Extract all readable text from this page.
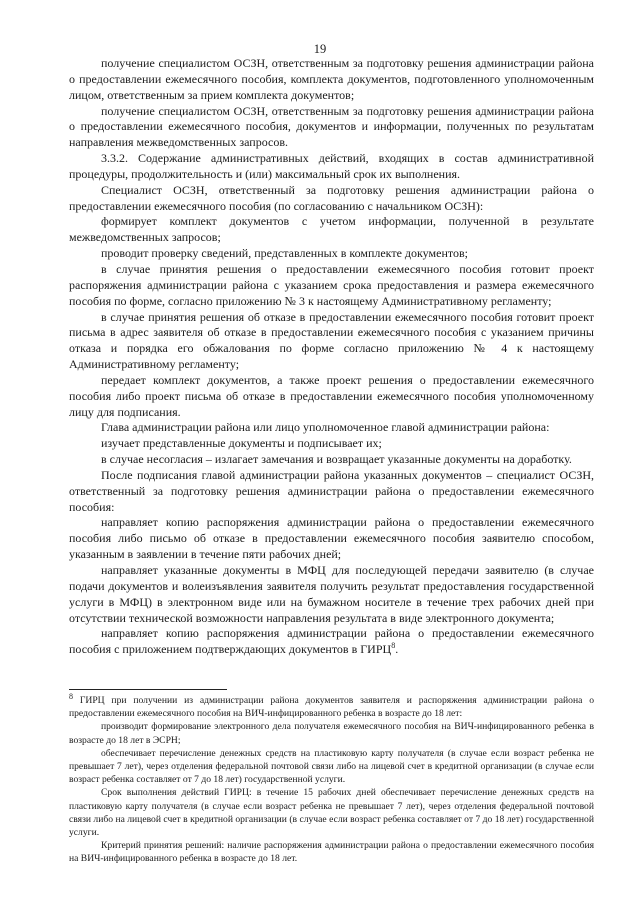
19

получение специалистом ОСЗН, ответственным за подготовку решения администрации района о предоставлении ежемесячного пособия, комплекта документов, подготовленного уполномоченным лицом, ответственным за прием комплекта документов;

получение специалистом ОСЗН, ответственным за подготовку решения администрации района о предоставлении ежемесячного пособия, документов и информации, полученных по результатам направления межведомственных запросов.

3.3.2. Содержание административных действий, входящих в состав административной процедуры, продолжительность и (или) максимальный срок их выполнения.

Специалист ОСЗН, ответственный за подготовку решения администрации района о предоставлении ежемесячного пособия (по согласованию с начальником ОСЗН):

формирует комплект документов с учетом информации, полученной в результате межведомственных запросов;

проводит проверку сведений, представленных в комплекте документов;

в случае принятия решения о предоставлении ежемесячного пособия готовит проект распоряжения администрации района с указанием срока предоставления и размера ежемесячного пособия по форме, согласно приложению № 3 к настоящему Административному регламенту;

в случае принятия решения об отказе в предоставлении ежемесячного пособия готовит проект письма в адрес заявителя об отказе в предоставлении ежемесячного пособия с указанием причины отказа и порядка его обжалования по форме согласно приложению № 4 к настоящему Административному регламенту;

передает комплект документов, а также проект решения о предоставлении ежемесячного пособия либо проект письма об отказе в предоставлении ежемесячного пособия уполномоченному лицу для подписания.

Глава администрации района или лицо уполномоченное главой администрации района:

изучает представленные документы и подписывает их;

в случае несогласия – излагает замечания и возвращает указанные документы на доработку.

После подписания главой администрации района указанных документов – специалист ОСЗН, ответственный за подготовку решения администрации района о предоставлении ежемесячного пособия:

направляет копию распоряжения администрации района о предоставлении ежемесячного пособия либо письмо об отказе в предоставлении ежемесячного пособия заявителю способом, указанным в заявлении в течение пяти рабочих дней;

направляет указанные документы в МФЦ для последующей передачи заявителю (в случае подачи документов и волеизъявления заявителя получить результат предоставления государственной услуги в МФЦ) в электронном виде или на бумажном носителе в течение трех рабочих дней при отсутствии технической возможности направления результата в виде электронного документа;

направляет копию распоряжения администрации района о предоставлении ежемесячного пособия с приложением подтверждающих документов в ГИРЦ$^8$.

$^8$ ГИРЦ при получении из администрации района документов заявителя и распоряжения администрации района о предоставлении ежемесячного пособия на ВИЧ-инфицированного ребенка в возрасте до 18 лет:

производит формирование электронного дела получателя ежемесячного пособия на ВИЧ-инфицированного ребенка в возрасте до 18 лет в ЭСРН;

обеспечивает перечисление денежных средств на пластиковую карту получателя (в случае если возраст ребенка не превышает 7 лет), через отделения федеральной почтовой связи либо на лицевой счет в кредитной организации (в случае если возраст ребенка составляет от 7 до 18 лет) государственной услуги.

Срок выполнения действий ГИРЦ: в течение 15 рабочих дней обеспечивает перечисление денежных средств на пластиковую карту получателя (в случае если возраст ребенка не превышает 7 лет), через отделения федеральной почтовой связи либо на лицевой счет в кредитной организации (в случае если возраст ребенка составляет от 7 до 18 лет) государственной услуги.

Критерий принятия решений: наличие распоряжения администрации района о предоставлении ежемесячного пособия на ВИЧ-инфицированного ребенка в возрасте до 18 лет.
